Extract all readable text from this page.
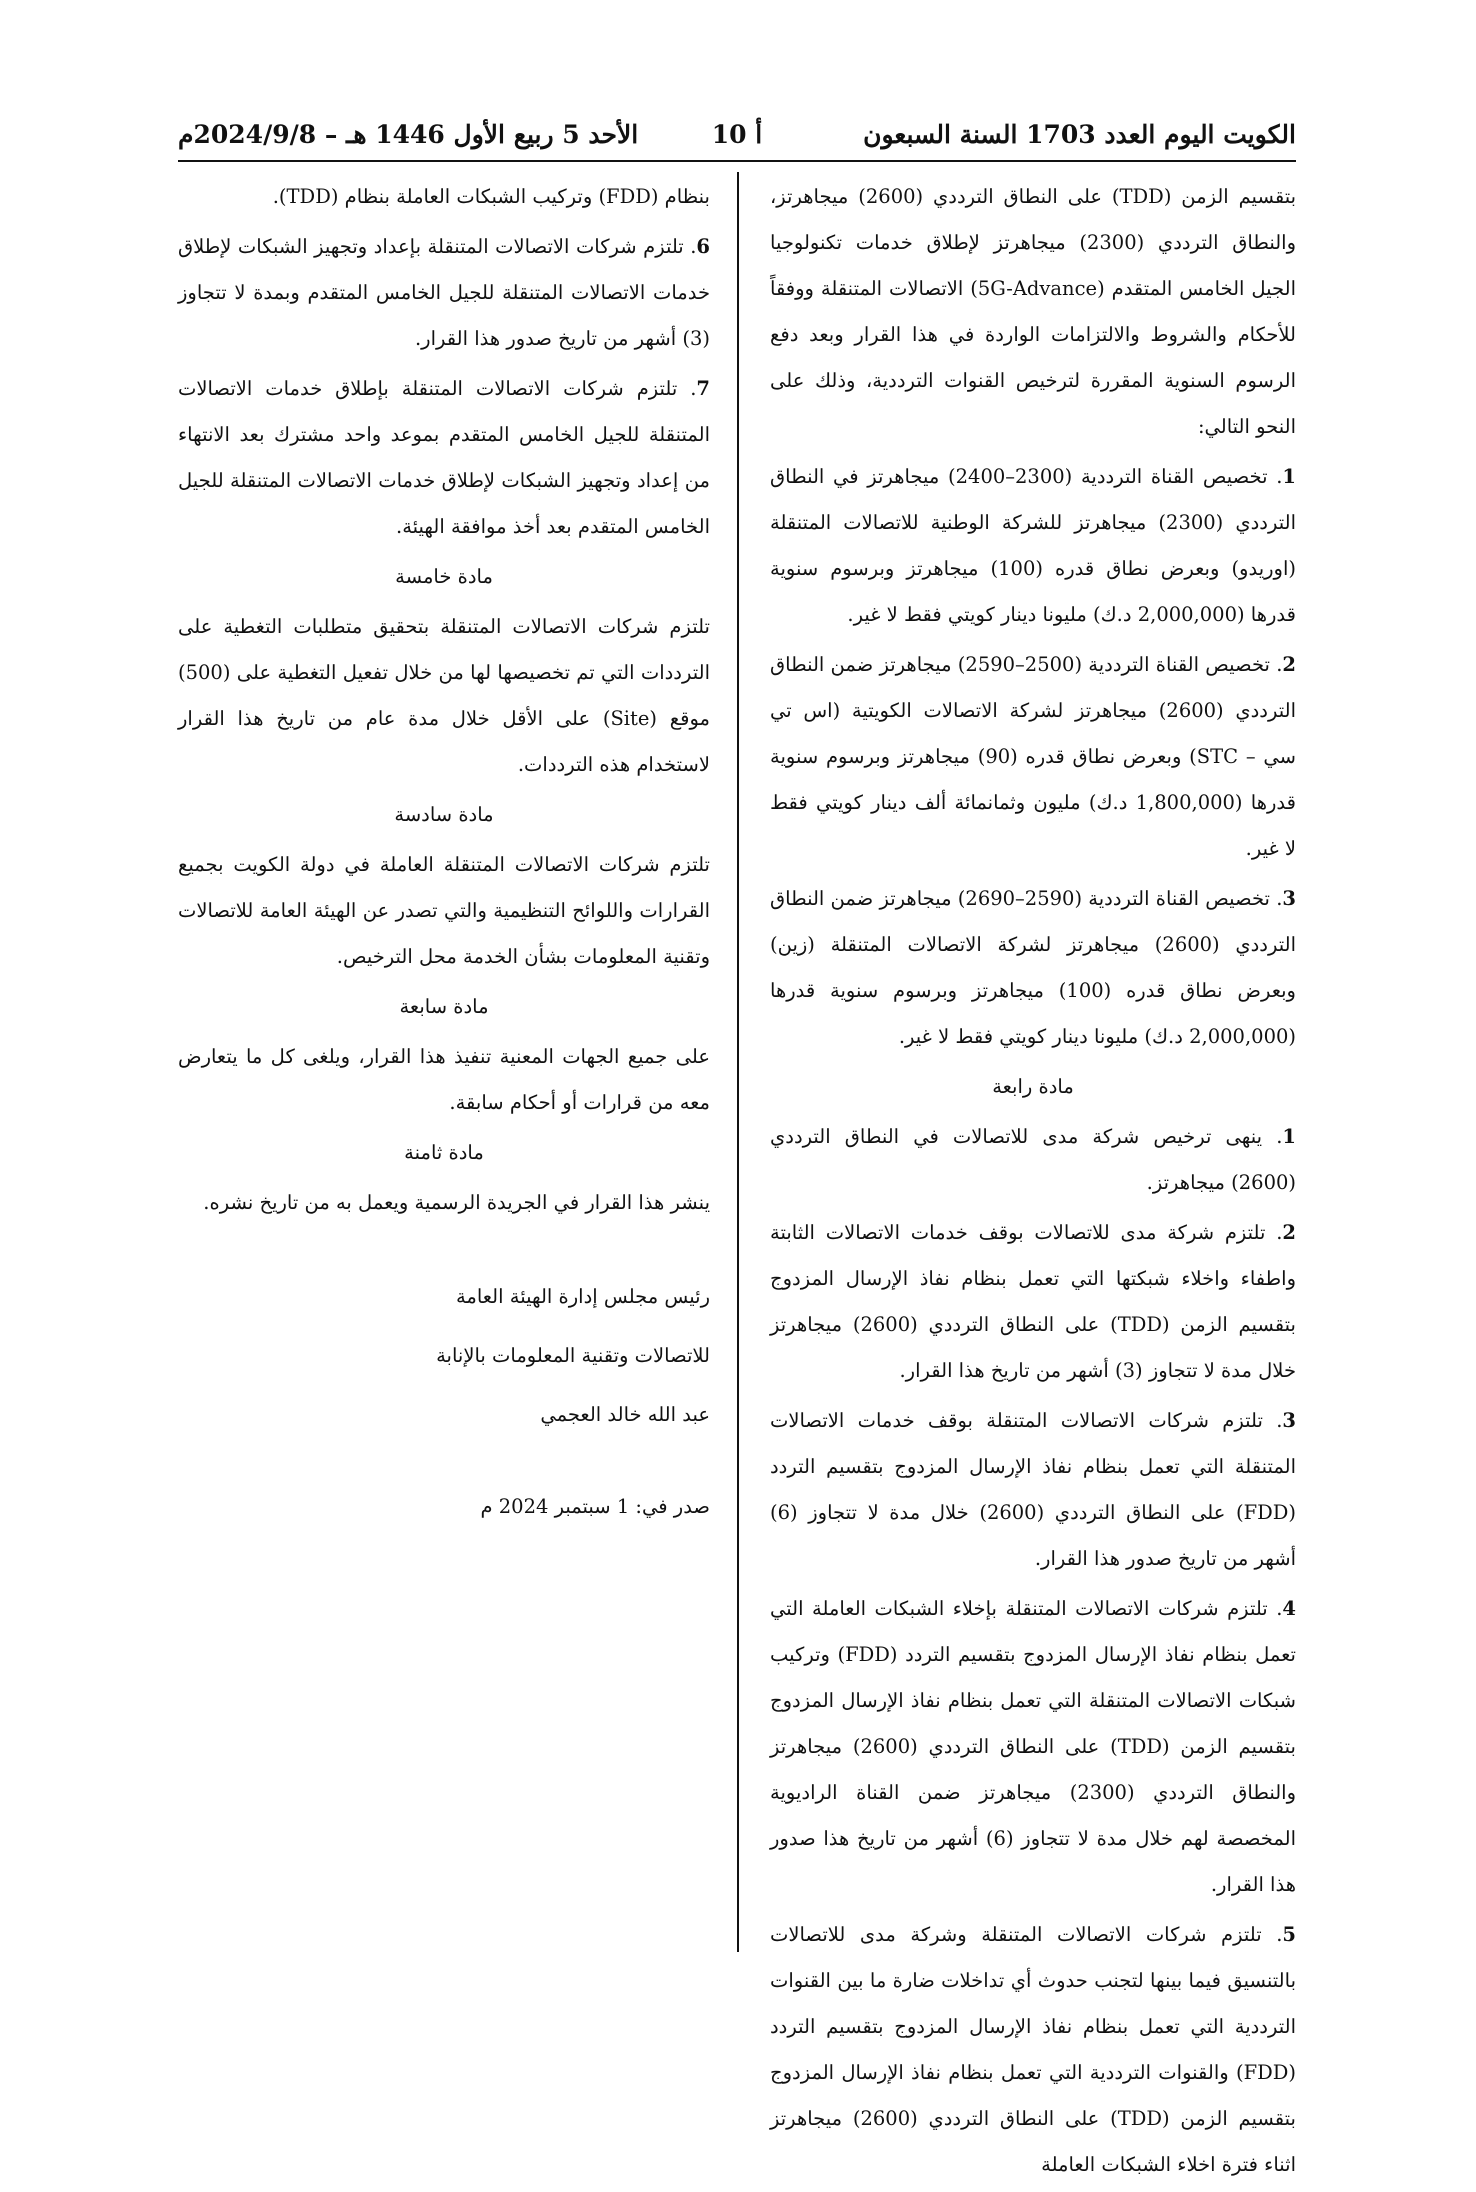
الكويت اليوم العدد 1703 السنة السبعون
أ 10
الأحد 5 ربيع الأول 1446 هـ – 2024/9/8م

بتقسيم الزمن (TDD) على النطاق الترددي (2600) ميجاهرتز، والنطاق الترددي (2300) ميجاهرتز لإطلاق خدمات تكنولوجيا الجيل الخامس المتقدم (5G-Advance) الاتصالات المتنقلة ووفقاً للأحكام والشروط والالتزامات الواردة في هذا القرار وبعد دفع الرسوم السنوية المقررة لترخيص القنوات الترددية، وذلك على النحو التالي:

1. تخصيص القناة الترددية (2300–2400) ميجاهرتز في النطاق الترددي (2300) ميجاهرتز للشركة الوطنية للاتصالات المتنقلة (اوريدو) وبعرض نطاق قدره (100) ميجاهرتز وبرسوم سنوية قدرها (2,000,000 د.ك) مليونا دينار كويتي فقط لا غير.

2. تخصيص القناة الترددية (2500–2590) ميجاهرتز ضمن النطاق الترددي (2600) ميجاهرتز لشركة الاتصالات الكويتية (اس تي سي – STC) وبعرض نطاق قدره (90) ميجاهرتز وبرسوم سنوية قدرها (1,800,000 د.ك) مليون وثمانمائة ألف دينار كويتي فقط لا غير.

3. تخصيص القناة الترددية (2590–2690) ميجاهرتز ضمن النطاق الترددي (2600) ميجاهرتز لشركة الاتصالات المتنقلة (زين) وبعرض نطاق قدره (100) ميجاهرتز وبرسوم سنوية قدرها (2,000,000 د.ك) مليونا دينار كويتي فقط لا غير.

مادة رابعة

1. ينهى ترخيص شركة مدى للاتصالات في النطاق الترددي (2600) ميجاهرتز.

2. تلتزم شركة مدى للاتصالات بوقف خدمات الاتصالات الثابتة واطفاء واخلاء شبكتها التي تعمل بنظام نفاذ الإرسال المزدوج بتقسيم الزمن (TDD) على النطاق الترددي (2600) ميجاهرتز خلال مدة لا تتجاوز (3) أشهر من تاريخ هذا القرار.

3. تلتزم شركات الاتصالات المتنقلة بوقف خدمات الاتصالات المتنقلة التي تعمل بنظام نفاذ الإرسال المزدوج بتقسيم التردد (FDD) على النطاق الترددي (2600) خلال مدة لا تتجاوز (6) أشهر من تاريخ صدور هذا القرار.

4. تلتزم شركات الاتصالات المتنقلة بإخلاء الشبكات العاملة التي تعمل بنظام نفاذ الإرسال المزدوج بتقسيم التردد (FDD) وتركيب شبكات الاتصالات المتنقلة التي تعمل بنظام نفاذ الإرسال المزدوج بتقسيم الزمن (TDD) على النطاق الترددي (2600) ميجاهرتز والنطاق الترددي (2300) ميجاهرتز ضمن القناة الراديوية المخصصة لهم خلال مدة لا تتجاوز (6) أشهر من تاريخ هذا صدور هذا القرار.

5. تلتزم شركات الاتصالات المتنقلة وشركة مدى للاتصالات بالتنسيق فيما بينها لتجنب حدوث أي تداخلات ضارة ما بين القنوات الترددية التي تعمل بنظام نفاذ الإرسال المزدوج بتقسيم التردد (FDD) والقنوات الترددية التي تعمل بنظام نفاذ الإرسال المزدوج بتقسيم الزمن (TDD) على النطاق الترددي (2600) ميجاهرتز اثناء فترة اخلاء الشبكات العاملة

بنظام (FDD) وتركيب الشبكات العاملة بنظام (TDD).

6. تلتزم شركات الاتصالات المتنقلة بإعداد وتجهيز الشبكات لإطلاق خدمات الاتصالات المتنقلة للجيل الخامس المتقدم وبمدة لا تتجاوز (3) أشهر من تاريخ صدور هذا القرار.

7. تلتزم شركات الاتصالات المتنقلة بإطلاق خدمات الاتصالات المتنقلة للجيل الخامس المتقدم بموعد واحد مشترك بعد الانتهاء من إعداد وتجهيز الشبكات لإطلاق خدمات الاتصالات المتنقلة للجيل الخامس المتقدم بعد أخذ موافقة الهيئة.

مادة خامسة

تلتزم شركات الاتصالات المتنقلة بتحقيق متطلبات التغطية على الترددات التي تم تخصيصها لها من خلال تفعيل التغطية على (500) موقع (Site) على الأقل خلال مدة عام من تاريخ هذا القرار لاستخدام هذه الترددات.

مادة سادسة

تلتزم شركات الاتصالات المتنقلة العاملة في دولة الكويت بجميع القرارات واللوائح التنظيمية والتي تصدر عن الهيئة العامة للاتصالات وتقنية المعلومات بشأن الخدمة محل الترخيص.

مادة سابعة

على جميع الجهات المعنية تنفيذ هذا القرار، ويلغى كل ما يتعارض معه من قرارات أو أحكام سابقة.

مادة ثامنة

ينشر هذا القرار في الجريدة الرسمية ويعمل به من تاريخ نشره.

رئيس مجلس إدارة الهيئة العامة

للاتصالات وتقنية المعلومات بالإنابة

عبد الله خالد العجمي

صدر في: 1 سبتمبر 2024 م
